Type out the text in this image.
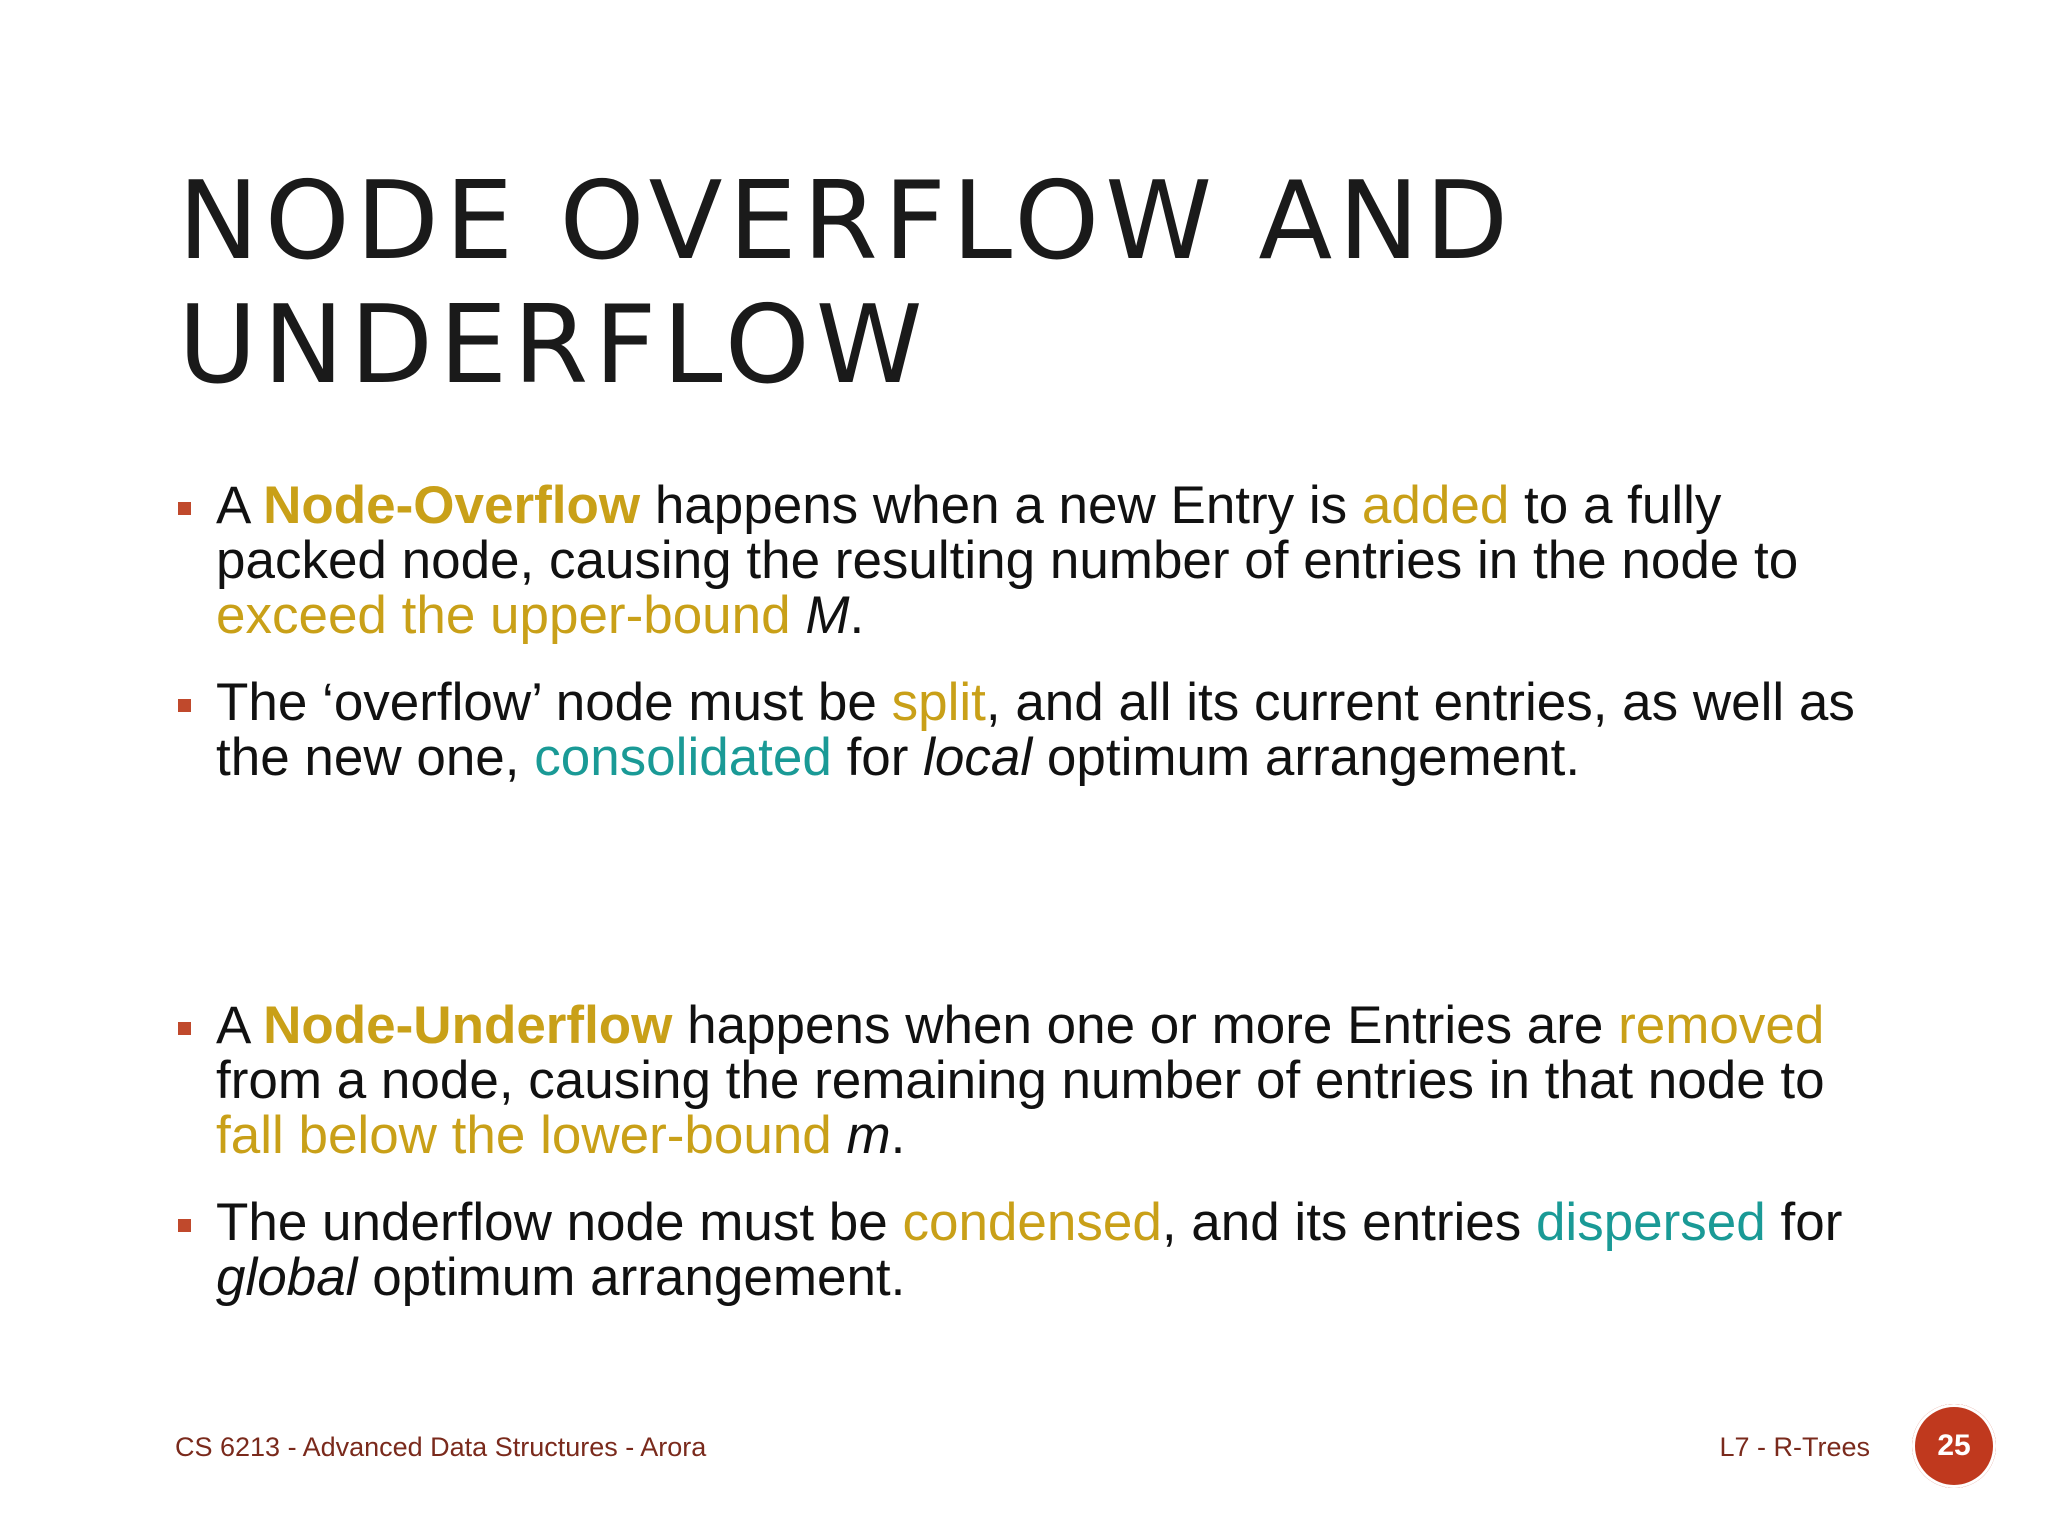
NODE OVERFLOW AND
UNDERFLOW
A Node-Overflow happens when a new Entry is added to a fully packed node, causing the resulting number of entries in the node to exceed the upper-bound M.
The ‘overflow’ node must be split, and all its current entries, as well as the new one, consolidated for local optimum arrangement.
A Node-Underflow happens when one or more Entries are removed from a node, causing the remaining number of entries in that node to fall below the lower-bound m.
The underflow node must be condensed, and its entries dispersed for global optimum arrangement.
CS 6213 - Advanced Data Structures - Arora	L7 - R-Trees 25
